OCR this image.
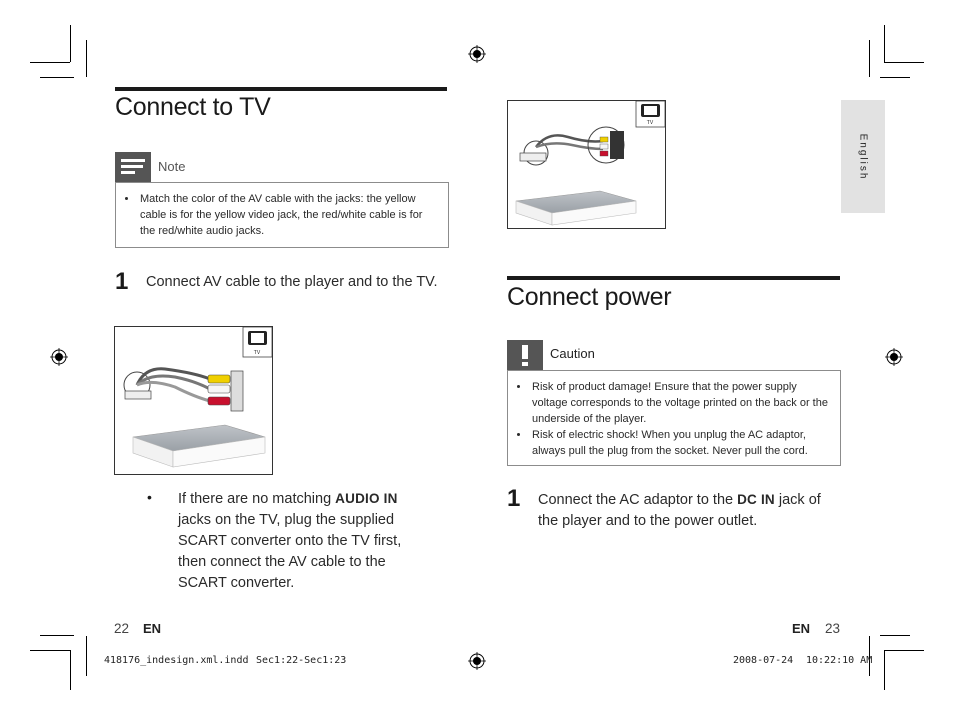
Connect to TV
Note
• Match the color of the AV cable with the jacks: the yellow cable is for the yellow video jack, the red/white cable is for the red/white audio jacks.
1 Connect AV cable to the player and to the TV.
TV
• If there are no matching AUDIO IN jacks on the TV, plug the supplied SCART converter onto the TV first, then connect the AV cable to the SCART converter.
22 EN
TV
Connect power
Caution
• Risk of product damage! Ensure that the power supply voltage corresponds to the voltage printed on the back or the underside of the player.
• Risk of electric shock! When you unplug the AC adaptor, always pull the plug from the socket. Never pull the cord.
1 Connect the AC adaptor to the DC IN jack of the player and to the power outlet.
EN 23
English
418176_indesign.xml.indd Sec1:22-Sec1:23	2008-07-24 10:22:10 AM
